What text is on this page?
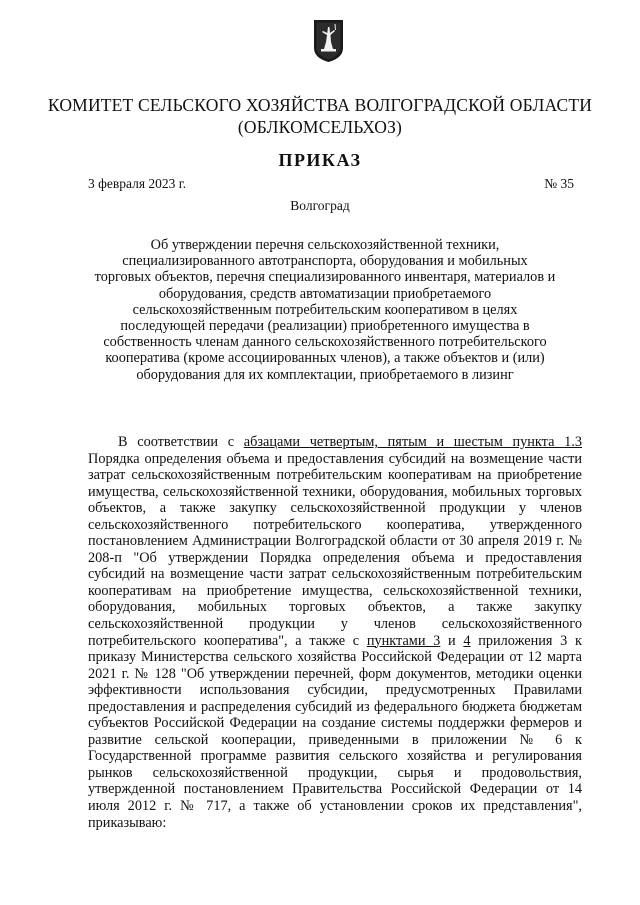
КОМИТЕТ СЕЛЬСКОГО ХОЗЯЙСТВА ВОЛГОГРАДСКОЙ ОБЛАСТИ
(ОБЛКОМСЕЛЬХОЗ)
ПРИКАЗ
3 февраля 2023 г.	№ 35
Волгоград
Об утверждении перечня сельскохозяйственной техники,
специализированного автотранспорта, оборудования и мобильных
торговых объектов, перечня специализированного инвентаря, материалов и
оборудования, средств автоматизации приобретаемого
сельскохозяйственным потребительским кооперативом в целях
последующей передачи (реализации) приобретенного имущества в
собственность членам данного сельскохозяйственного потребительского
кооператива (кроме ассоциированных членов), а также объектов и (или)
оборудования для их комплектации, приобретаемого в лизинг

В соответствии с абзацами четвертым, пятым и шестым пункта 1.3 Порядка определения объема и предоставления субсидий на возмещение части затрат сельскохозяйственным потребительским кооперативам на приобретение имущества, сельскохозяйственной техники, оборудования, мобильных торговых объектов, а также закупку сельскохозяйственной продукции у членов сельскохозяйственного потребительского кооператива, утвержденного постановлением Администрации Волгоградской области от 30 апреля 2019 г. № 208-п "Об утверждении Порядка определения объема и предоставления субсидий на возмещение части затрат сельскохозяйственным потребительским кооперативам на приобретение имущества, сельскохозяйственной техники, оборудования, мобильных торговых объектов, а также закупку сельскохозяйственной продукции у членов сельскохозяйственного потребительского кооператива", а также с пунктами 3 и 4 приложения 3 к приказу Министерства сельского хозяйства Российской Федерации от 12 марта 2021 г. № 128 "Об утверждении перечней, форм документов, методики оценки эффективности использования субсидии, предусмотренных Правилами предоставления и распределения субсидий из федерального бюджета бюджетам субъектов Российской Федерации на создание системы поддержки фермеров и развитие сельской кооперации, приведенными в приложении № 6 к Государственной программе развития сельского хозяйства и регулирования рынков сельскохозяйственной продукции, сырья и продовольствия, утвержденной постановлением Правительства Российской Федерации от 14 июля 2012 г. № 717, а также об установлении сроков их представления", приказываю:
